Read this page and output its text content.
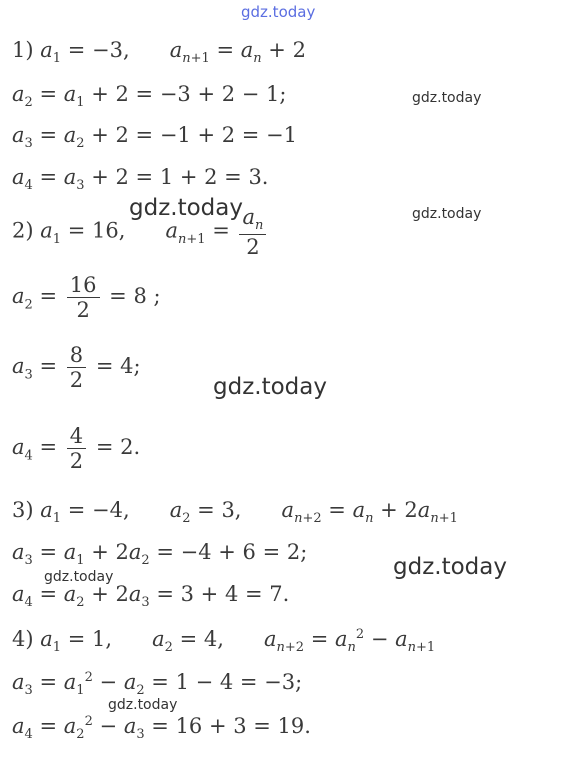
gdz.today
gdz.today
gdz.today
gdz.today
gdz.today
gdz.today
gdz.today
gdz.today
1) $a_1 = -3$,      $a_{n+1} = a_n + 2$
$a_2 = a_1 + 2 = -3 + 2 - 1$;
$a_3 = a_2 + 2 = -1 + 2 = -1$
$a_4 = a_3 + 2 = 1 + 2 = 3$.
2) $a_1 = 16$,      $a_{n+1} = \frac{a_n}{2}$
$a_2 = \frac{16}{2} = 8$ ;
$a_3 = \frac{8}{2} = 4$;
$a_4 = \frac{4}{2} = 2$.
3) $a_1 = -4$,      $a_2 = 3$,      $a_{n+2} = a_n + 2a_{n+1}$
$a_3 = a_1 + 2a_2 = -4 + 6 = 2$;
$a_4 = a_2 + 2a_3 = 3 + 4 = 7$.
4) $a_1 = 1$,      $a_2 = 4$,      $a_{n+2} = a_n^2 - a_{n+1}$
$a_3 = a_1^2 - a_2 = 1 - 4 = -3$;
$a_4 = a_2^2 - a_3 = 16 + 3 = 19$.
